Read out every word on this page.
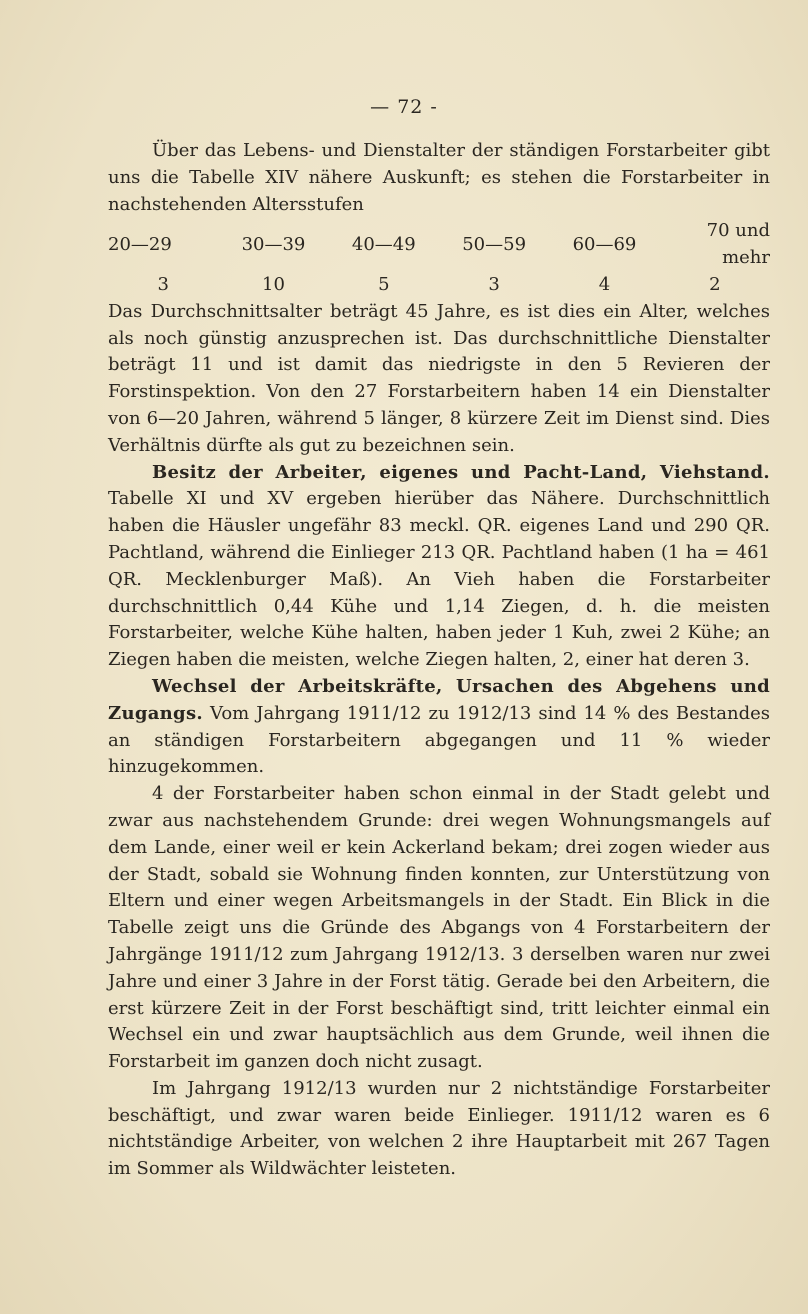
— 72 -

Über das Lebens- und Dienstalter der ständigen Forstarbeiter gibt uns die Tabelle XIV nähere Auskunft; es stehen die Forstarbeiter in nachstehenden Altersstufen

20—29	30—39	40—49	50—59	60—69	70 und mehr
3	10	5	3	4	2

Das Durchschnittsalter beträgt 45 Jahre, es ist dies ein Alter, welches als noch günstig anzusprechen ist. Das durchschnittliche Dienstalter beträgt 11 und ist damit das niedrigste in den 5 Revieren der Forstinspektion. Von den 27 Forstarbeitern haben 14 ein Dienstalter von 6—20 Jahren, während 5 länger, 8 kürzere Zeit im Dienst sind. Dies Verhältnis dürfte als gut zu bezeichnen sein.

Besitz der Arbeiter, eigenes und Pacht-Land, Viehstand. Tabelle XI und XV ergeben hierüber das Nähere. Durchschnittlich haben die Häusler ungefähr 83 meckl. QR. eigenes Land und 290 QR. Pachtland, während die Einlieger 213 QR. Pachtland haben (1 ha = 461 QR. Mecklenburger Maß). An Vieh haben die Forstarbeiter durchschnittlich 0,44 Kühe und 1,14 Ziegen, d. h. die meisten Forstarbeiter, welche Kühe halten, haben jeder 1 Kuh, zwei 2 Kühe; an Ziegen haben die meisten, welche Ziegen halten, 2, einer hat deren 3.

Wechsel der Arbeitskräfte, Ursachen des Abgehens und Zugangs. Vom Jahrgang 1911/12 zu 1912/13 sind 14 % des Bestandes an ständigen Forstarbeitern abgegangen und 11 % wieder hinzugekommen.

4 der Forstarbeiter haben schon einmal in der Stadt gelebt und zwar aus nachstehendem Grunde: drei wegen Wohnungsmangels auf dem Lande, einer weil er kein Ackerland bekam; drei zogen wieder aus der Stadt, sobald sie Wohnung finden konnten, zur Unterstützung von Eltern und einer wegen Arbeitsmangels in der Stadt. Ein Blick in die Tabelle zeigt uns die Gründe des Abgangs von 4 Forstarbeitern der Jahrgänge 1911/12 zum Jahrgang 1912/13. 3 derselben waren nur zwei Jahre und einer 3 Jahre in der Forst tätig. Gerade bei den Arbeitern, die erst kürzere Zeit in der Forst beschäftigt sind, tritt leichter einmal ein Wechsel ein und zwar hauptsächlich aus dem Grunde, weil ihnen die Forstarbeit im ganzen doch nicht zusagt.

Im Jahrgang 1912/13 wurden nur 2 nichtständige Forstarbeiter beschäftigt, und zwar waren beide Einlieger. 1911/12 waren es 6 nichtständige Arbeiter, von welchen 2 ihre Hauptarbeit mit 267 Tagen im Sommer als Wildwächter leisteten.
